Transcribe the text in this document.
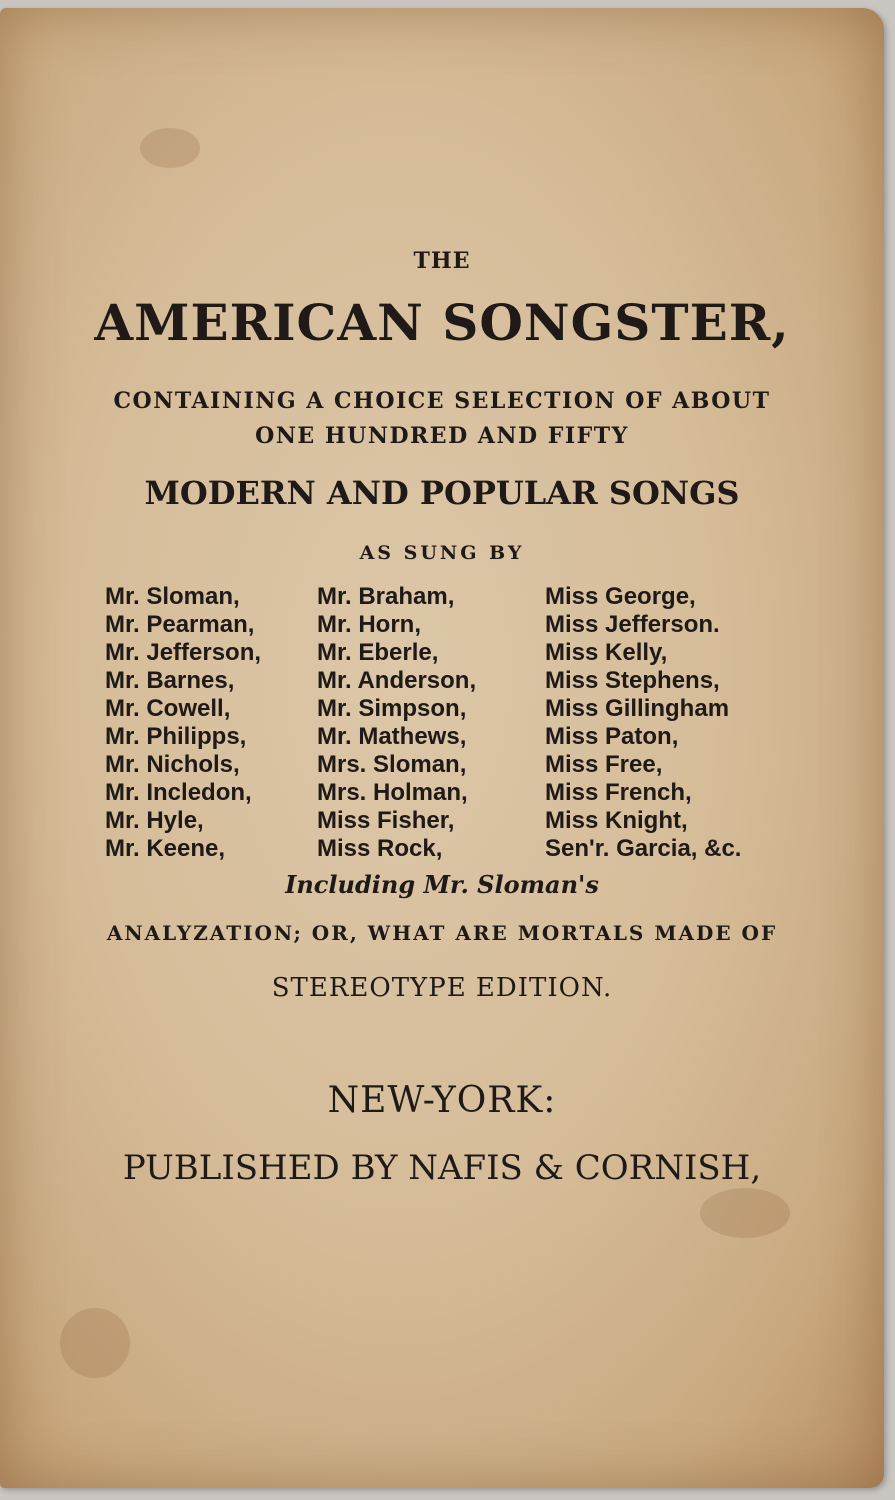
THE
AMERICAN SONGSTER,
CONTAINING A CHOICE SELECTION OF ABOUT
ONE HUNDRED AND FIFTY
MODERN AND POPULAR SONGS
AS SUNG BY
Mr. Sloman,
Mr. Pearman,
Mr. Jefferson,
Mr. Barnes,
Mr. Cowell,
Mr. Philipps,
Mr. Nichols,
Mr. Incledon,
Mr. Hyle,
Mr. Keene,
Mr. Braham,
Mr. Horn,
Mr. Eberle,
Mr. Anderson,
Mr. Simpson,
Mr. Mathews,
Mrs. Sloman,
Mrs. Holman,
Miss Fisher,
Miss Rock,
Miss George,
Miss Jefferson.
Miss Kelly,
Miss Stephens,
Miss Gillingham
Miss Paton,
Miss Free,
Miss French,
Miss Knight,
Sen'r. Garcia, &c.
Including Mr. Sloman's
ANALYZATION; OR, WHAT ARE MORTALS MADE OF
STEREOTYPE EDITION.
NEW-YORK:
PUBLISHED BY NAFIS & CORNISH,
